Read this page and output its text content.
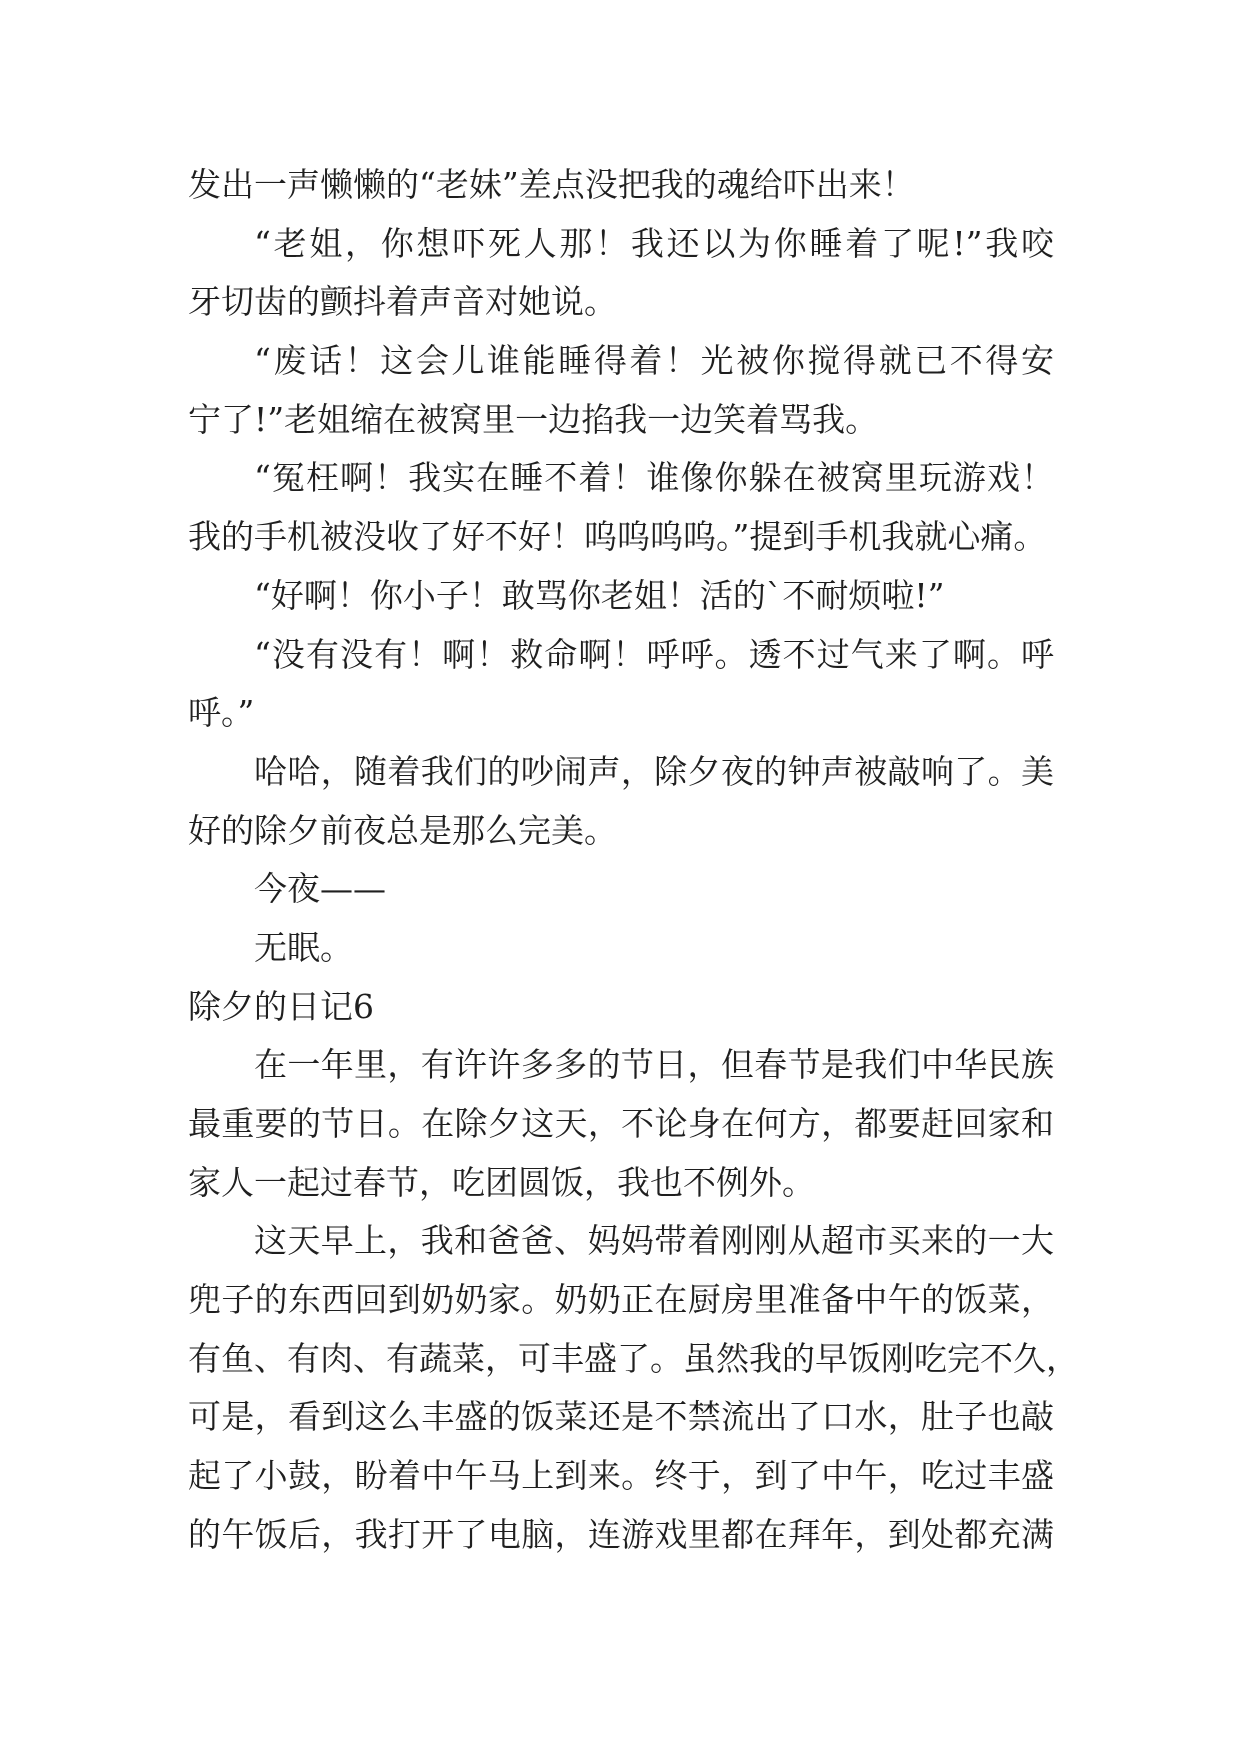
发出一声懒懒的“老妹”差点没把我的魂给吓出来！
“老姐，你想吓死人那！我还以为你睡着了呢!”我咬
牙切齿的颤抖着声音对她说。
“废话！这会儿谁能睡得着！光被你搅得就已不得安
宁了!”老姐缩在被窝里一边掐我一边笑着骂我。
“冤枉啊！我实在睡不着！谁像你躲在被窝里玩游戏！
我的手机被没收了好不好！呜呜呜呜。”提到手机我就心痛。
“好啊！你小子！敢骂你老姐！活的`不耐烦啦!”
“没有没有！啊！救命啊！呼呼。透不过气来了啊。呼
呼。”
哈哈，随着我们的吵闹声，除夕夜的钟声被敲响了。美
好的除夕前夜总是那么完美。
今夜——
无眠。
除夕的日记6
在一年里，有许许多多的节日，但春节是我们中华民族
最重要的节日。在除夕这天，不论身在何方，都要赶回家和
家人一起过春节，吃团圆饭，我也不例外。
这天早上，我和爸爸、妈妈带着刚刚从超市买来的一大
兜子的东西回到奶奶家。奶奶正在厨房里准备中午的饭菜，
有鱼、有肉、有蔬菜，可丰盛了。虽然我的早饭刚吃完不久，
可是，看到这么丰盛的饭菜还是不禁流出了口水，肚子也敲
起了小鼓，盼着中午马上到来。终于，到了中午，吃过丰盛
的午饭后，我打开了电脑，连游戏里都在拜年，到处都充满
